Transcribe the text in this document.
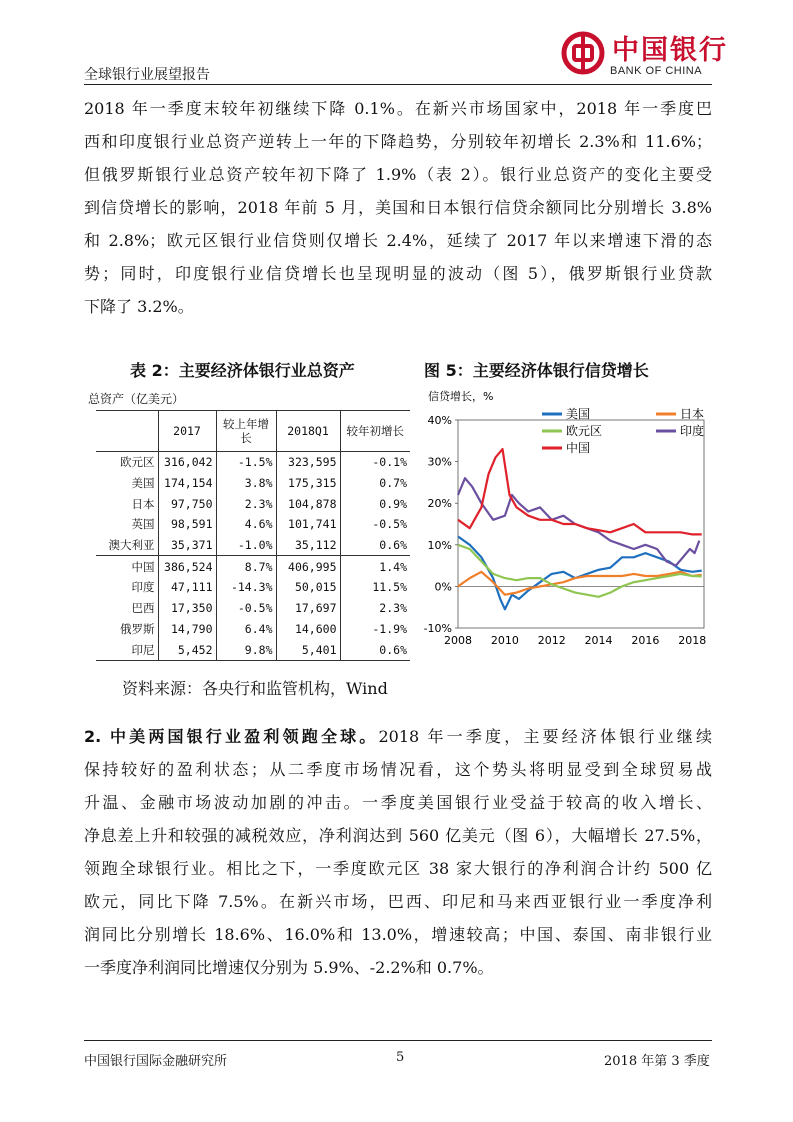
全球银行业展望报告
中国银行
BANK OF CHINA
2018 年一季度末较年初继续下降 0.1%。在新兴市场国家中，2018 年一季度巴
西和印度银行业总资产逆转上一年的下降趋势，分别较年初增长 2.3%和 11.6%；
但俄罗斯银行业总资产较年初下降了 1.9%（表 2）。银行业总资产的变化主要受
到信贷增长的影响，2018 年前 5 月，美国和日本银行信贷余额同比分别增长 3.8%
和 2.8%；欧元区银行业信贷则仅增长 2.4%，延续了 2017 年以来增速下滑的态
势；同时，印度银行业信贷增长也呈现明显的波动（图 5），俄罗斯银行业贷款
下降了 3.2%。
表 2：主要经济体银行业总资产
总资产（亿美元）
	2017	较上年增长	2018Q1	较年初增长
欧元区	316,042	-1.5%	323,595	-0.1%
美国	174,154	3.8%	175,315	0.7%
日本	97,750	2.3%	104,878	0.9%
英国	98,591	4.6%	101,741	-0.5%
澳大利亚	35,371	-1.0%	35,112	0.6%
中国	386,524	8.7%	406,995	1.4%
印度	47,111	-14.3%	50,015	11.5%
巴西	17,350	-0.5%	17,697	2.3%
俄罗斯	14,790	6.4%	14,600	-1.9%
印尼	5,452	9.8%	5,401	0.6%
图 5：主要经济体银行信贷增长
信贷增长，%
-10%
0%
10%
20%
30%
40%
2008 2010 2012 2014 2016 2018
美国	日本
欧元区	印度
中国
资料来源：各央行和监管机构，Wind
2. 中美两国银行业盈利领跑全球。2018 年一季度，主要经济体银行业继续
保持较好的盈利状态；从二季度市场情况看，这个势头将明显受到全球贸易战
升温、金融市场波动加剧的冲击。一季度美国银行业受益于较高的收入增长、
净息差上升和较强的减税效应，净利润达到 560 亿美元（图 6），大幅增长 27.5%，
领跑全球银行业。相比之下，一季度欧元区 38 家大银行的净利润合计约 500 亿
欧元，同比下降 7.5%。在新兴市场，巴西、印尼和马来西亚银行业一季度净利
润同比分别增长 18.6%、16.0%和 13.0%，增速较高；中国、泰国、南非银行业
一季度净利润同比增速仅分别为 5.9%、-2.2%和 0.7%。
中国银行国际金融研究所	5	2018 年第 3 季度
